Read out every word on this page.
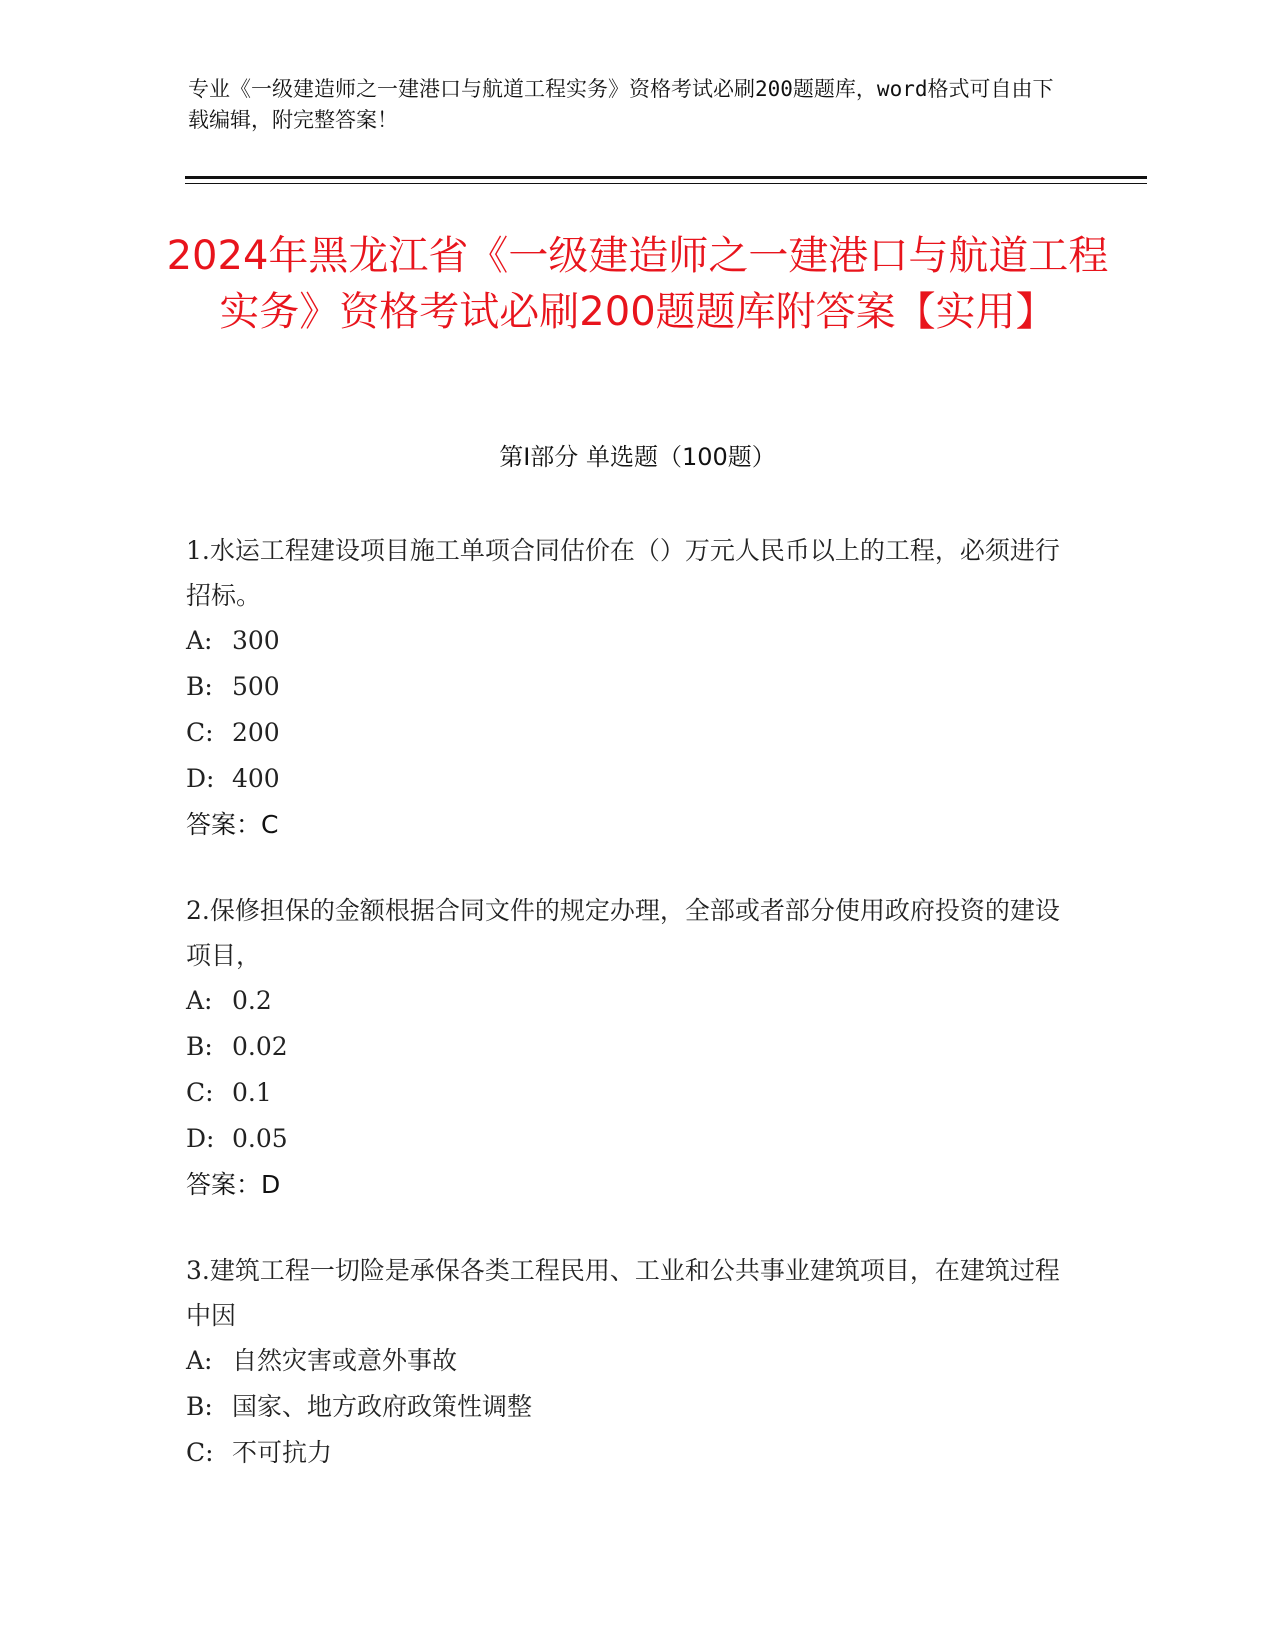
专业《一级建造师之一建港口与航道工程实务》资格考试必刷200题题库，word格式可自由下载编辑，附完整答案！
2024年黑龙江省《一级建造师之一建港口与航道工程实务》资格考试必刷200题题库附答案【实用】
第Ⅰ部分 单选题（100题）
1.水运工程建设项目施工单项合同估价在（）万元人民币以上的工程，必须进行招标。
A: 300
B: 500
C: 200
D: 400
答案：C
2.保修担保的金额根据合同文件的规定办理，全部或者部分使用政府投资的建设项目，
A: 0.2
B: 0.02
C: 0.1
D: 0.05
答案：D
3.建筑工程一切险是承保各类工程民用、工业和公共事业建筑项目，在建筑过程中因
A: 自然灾害或意外事故
B: 国家、地方政府政策性调整
C: 不可抗力
